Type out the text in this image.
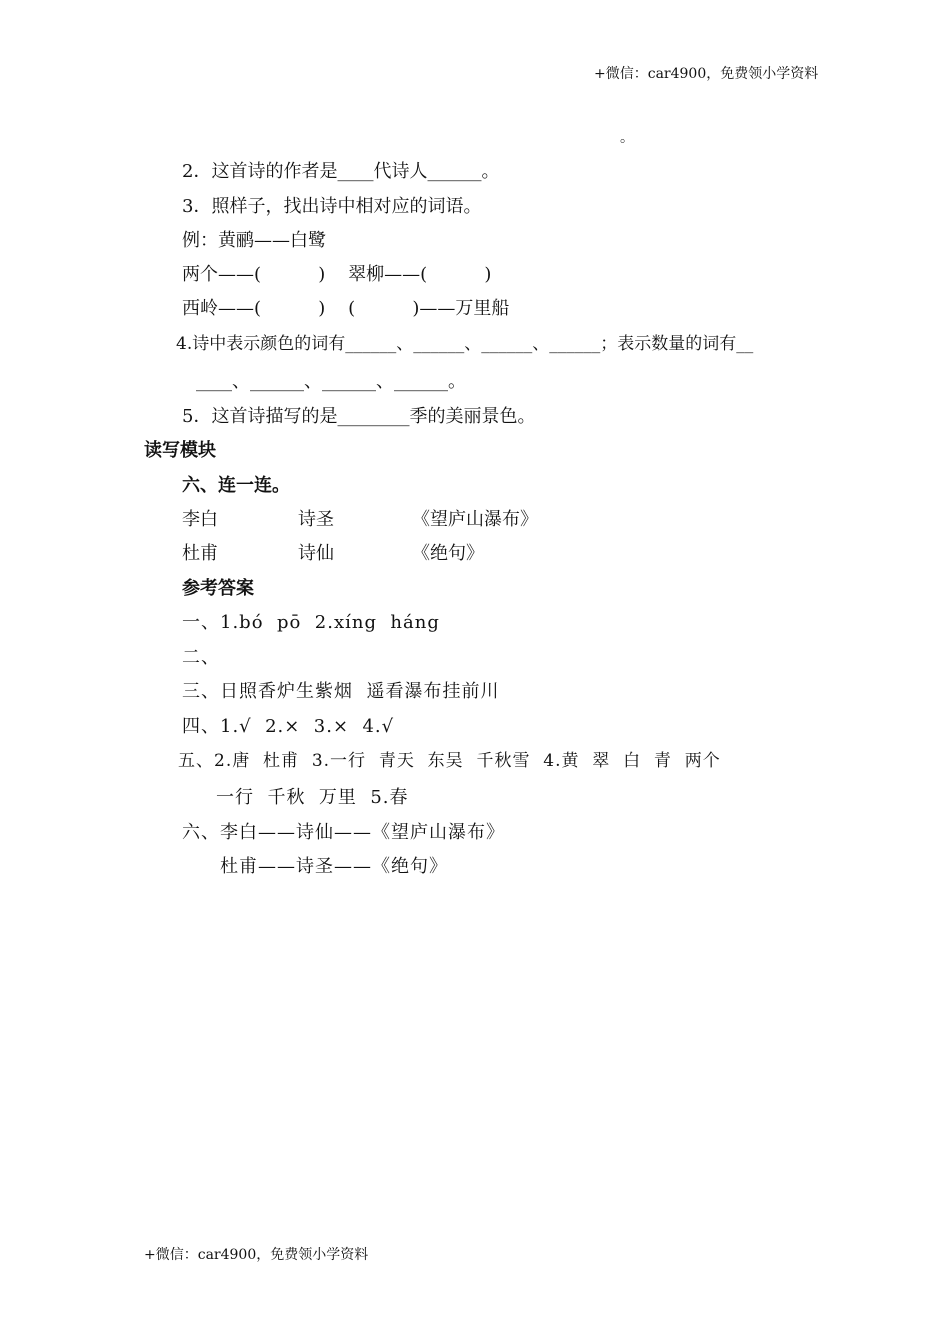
+微信：car4900，免费领小学资料
。
2．这首诗的作者是____代诗人______。
3．照样子，找出诗中相对应的词语。
例：黄鹂——白鹭
两个——(          )    翠柳——(          )
西岭——(          )    (          )——万里船
4.诗中表示颜色的词有______、______、______、______；表示数量的词有__
____、______、______、______。
5．这首诗描写的是________季的美丽景色。
读写模块
六、连一连。
李白	诗圣	《望庐山瀑布》
杜甫	诗仙	《绝句》
参考答案
一、1.bó  pō  2.xíng  háng
二、
三、日照香炉生紫烟  遥看瀑布挂前川
四、1.√  2.×  3.×  4.√
五、2.唐  杜甫  3.一行  青天  东吴  千秋雪  4.黄  翠  白  青  两个
一行  千秋  万里  5.春
六、李白——诗仙——《望庐山瀑布》
杜甫——诗圣——《绝句》
+微信：car4900，免费领小学资料
